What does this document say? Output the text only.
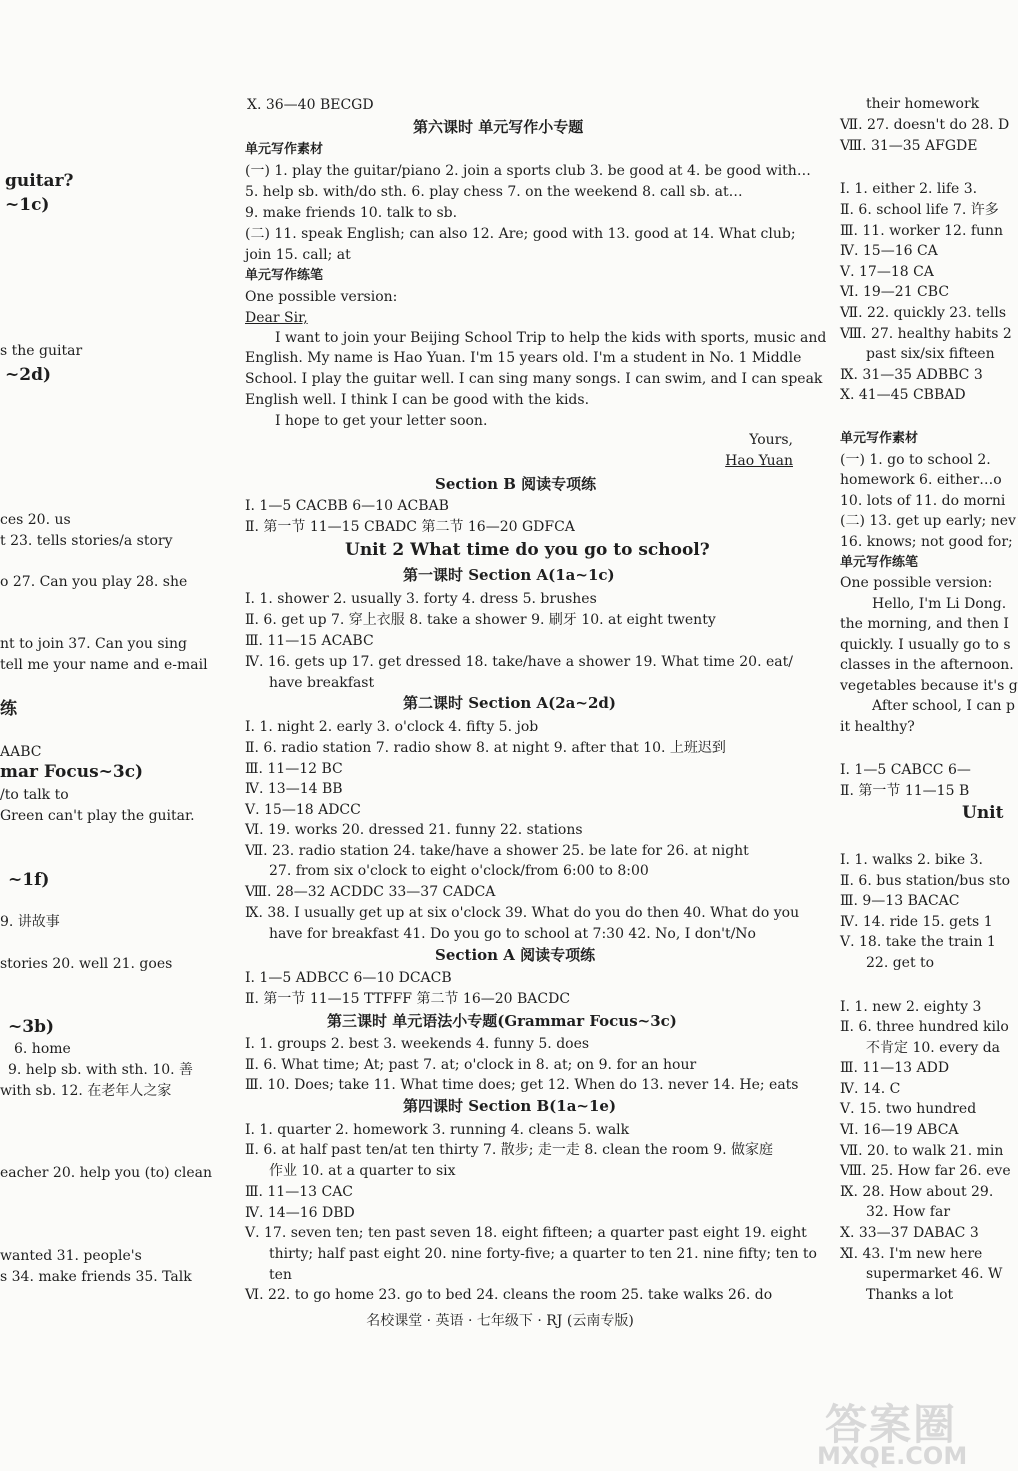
guitar?
~1c)
s the guitar
~2d)
ces 20. us
t 23. tells stories/a story
o 27. Can you play 28. she
nt to join 37. Can you sing
tell me your name and e-mail
练
AABC
mar Focus~3c)
/to talk to
Green can't play the guitar.
~1f)
9. 讲故事
stories 20. well 21. goes
~3b)
6. home
9. help sb. with sth. 10. 善
with sb. 12. 在老年人之家
eacher 20. help you (to) clean
wanted 31. people's
s 34. make friends 35. Talk
Ⅹ. 36—40 BECGD
第六课时 单元写作小专题
单元写作素材
(一) 1. play the guitar/piano 2. join a sports club 3. be good at 4. be good with…
5. help sb. with/do sth. 6. play chess 7. on the weekend 8. call sb. at…
9. make friends 10. talk to sb.
(二) 11. speak English; can also 12. Are; good with 13. good at 14. What club;
join 15. call; at
单元写作练笔
One possible version:
Dear Sir,
I want to join your Beijing School Trip to help the kids with sports, music and
English. My name is Hao Yuan. I'm 15 years old. I'm a student in No. 1 Middle
School. I play the guitar well. I can sing many songs. I can swim, and I can speak
English well. I think I can be good with the kids.
I hope to get your letter soon.
Section B 阅读专项练
Ⅰ. 1—5 CACBB 6—10 ACBAB
Ⅱ. 第一节 11—15 CBADC 第二节 16—20 GDFCA
Unit 2 What time do you go to school?
第一课时 Section A(1a~1c)
Ⅰ. 1. shower 2. usually 3. forty 4. dress 5. brushes
Ⅱ. 6. get up 7. 穿上衣服 8. take a shower 9. 刷牙 10. at eight twenty
Ⅲ. 11—15 ACABC
Ⅳ. 16. gets up 17. get dressed 18. take/have a shower 19. What time 20. eat/
have breakfast
第二课时 Section A(2a~2d)
Ⅰ. 1. night 2. early 3. o'clock 4. fifty 5. job
Ⅱ. 6. radio station 7. radio show 8. at night 9. after that 10. 上班迟到
Ⅲ. 11—12 BC
Ⅳ. 13—14 BB
Ⅴ. 15—18 ADCC
Ⅵ. 19. works 20. dressed 21. funny 22. stations
Ⅶ. 23. radio station 24. take/have a shower 25. be late for 26. at night
27. from six o'clock to eight o'clock/from 6:00 to 8:00
Ⅷ. 28—32 ACDDC 33—37 CADCA
Ⅸ. 38. I usually get up at six o'clock 39. What do you do then 40. What do you
have for breakfast 41. Do you go to school at 7:30 42. No, I don't/No
Section A 阅读专项练
Ⅰ. 1—5 ADBCC 6—10 DCACB
Ⅱ. 第一节 11—15 TTFFF 第二节 16—20 BACDC
第三课时 单元语法小专题(Grammar Focus~3c)
Ⅰ. 1. groups 2. best 3. weekends 4. funny 5. does
Ⅱ. 6. What time; At; past 7. at; o'clock in 8. at; on 9. for an hour
Ⅲ. 10. Does; take 11. What time does; get 12. When do 13. never 14. He; eats
第四课时 Section B(1a~1e)
Ⅰ. 1. quarter 2. homework 3. running 4. cleans 5. walk
Ⅱ. 6. at half past ten/at ten thirty 7. 散步; 走一走 8. clean the room 9. 做家庭
作业 10. at a quarter to six
Ⅲ. 11—13 CAC
Ⅳ. 14—16 DBD
Ⅴ. 17. seven ten; ten past seven 18. eight fifteen; a quarter past eight 19. eight
thirty; half past eight 20. nine forty-five; a quarter to ten 21. nine fifty; ten to
ten
Ⅵ. 22. to go home 23. go to bed 24. cleans the room 25. take walks 26. do
Yours,
Hao Yuan
their homework
Ⅶ. 27. doesn't do 28. D
Ⅷ. 31—35 AFGDE
Ⅰ. 1. either 2. life 3.
Ⅱ. 6. school life 7. 许多
Ⅲ. 11. worker 12. funn
Ⅳ. 15—16 CA
Ⅴ. 17—18 CA
Ⅵ. 19—21 CBC
Ⅶ. 22. quickly 23. tells
Ⅷ. 27. healthy habits 2
past six/six fifteen
Ⅸ. 31—35 ADBBC 3
Ⅹ. 41—45 CBBAD
单元写作素材
(一) 1. go to school 2.
homework 6. either…o
10. lots of 11. do morni
(二) 13. get up early; nev
16. knows; not good for;
单元写作练笔
One possible version:
Hello, I'm Li Dong.
the morning, and then I
quickly. I usually go to s
classes in the afternoon.
vegetables because it's g
After school, I can p
it healthy?
Ⅰ. 1—5 CABCC 6—
Ⅱ. 第一节 11—15 B
Unit
Ⅰ. 1. walks 2. bike 3.
Ⅱ. 6. bus station/bus sto
Ⅲ. 9—13 BACAC
Ⅳ. 14. ride 15. gets 1
Ⅴ. 18. take the train 1
22. get to
Ⅰ. 1. new 2. eighty 3
Ⅱ. 6. three hundred kilo
不肯定 10. every da
Ⅲ. 11—13 ADD
Ⅳ. 14. C
Ⅴ. 15. two hundred
Ⅵ. 16—19 ABCA
Ⅶ. 20. to walk 21. min
Ⅷ. 25. How far 26. eve
Ⅸ. 28. How about 29.
32. How far
Ⅹ. 33—37 DABAC 3
Ⅺ. 43. I'm new here
supermarket 46. W
Thanks a lot
名校课堂 · 英语 · 七年级下 · RJ (云南专版)
答案圈
MXQE.COM
